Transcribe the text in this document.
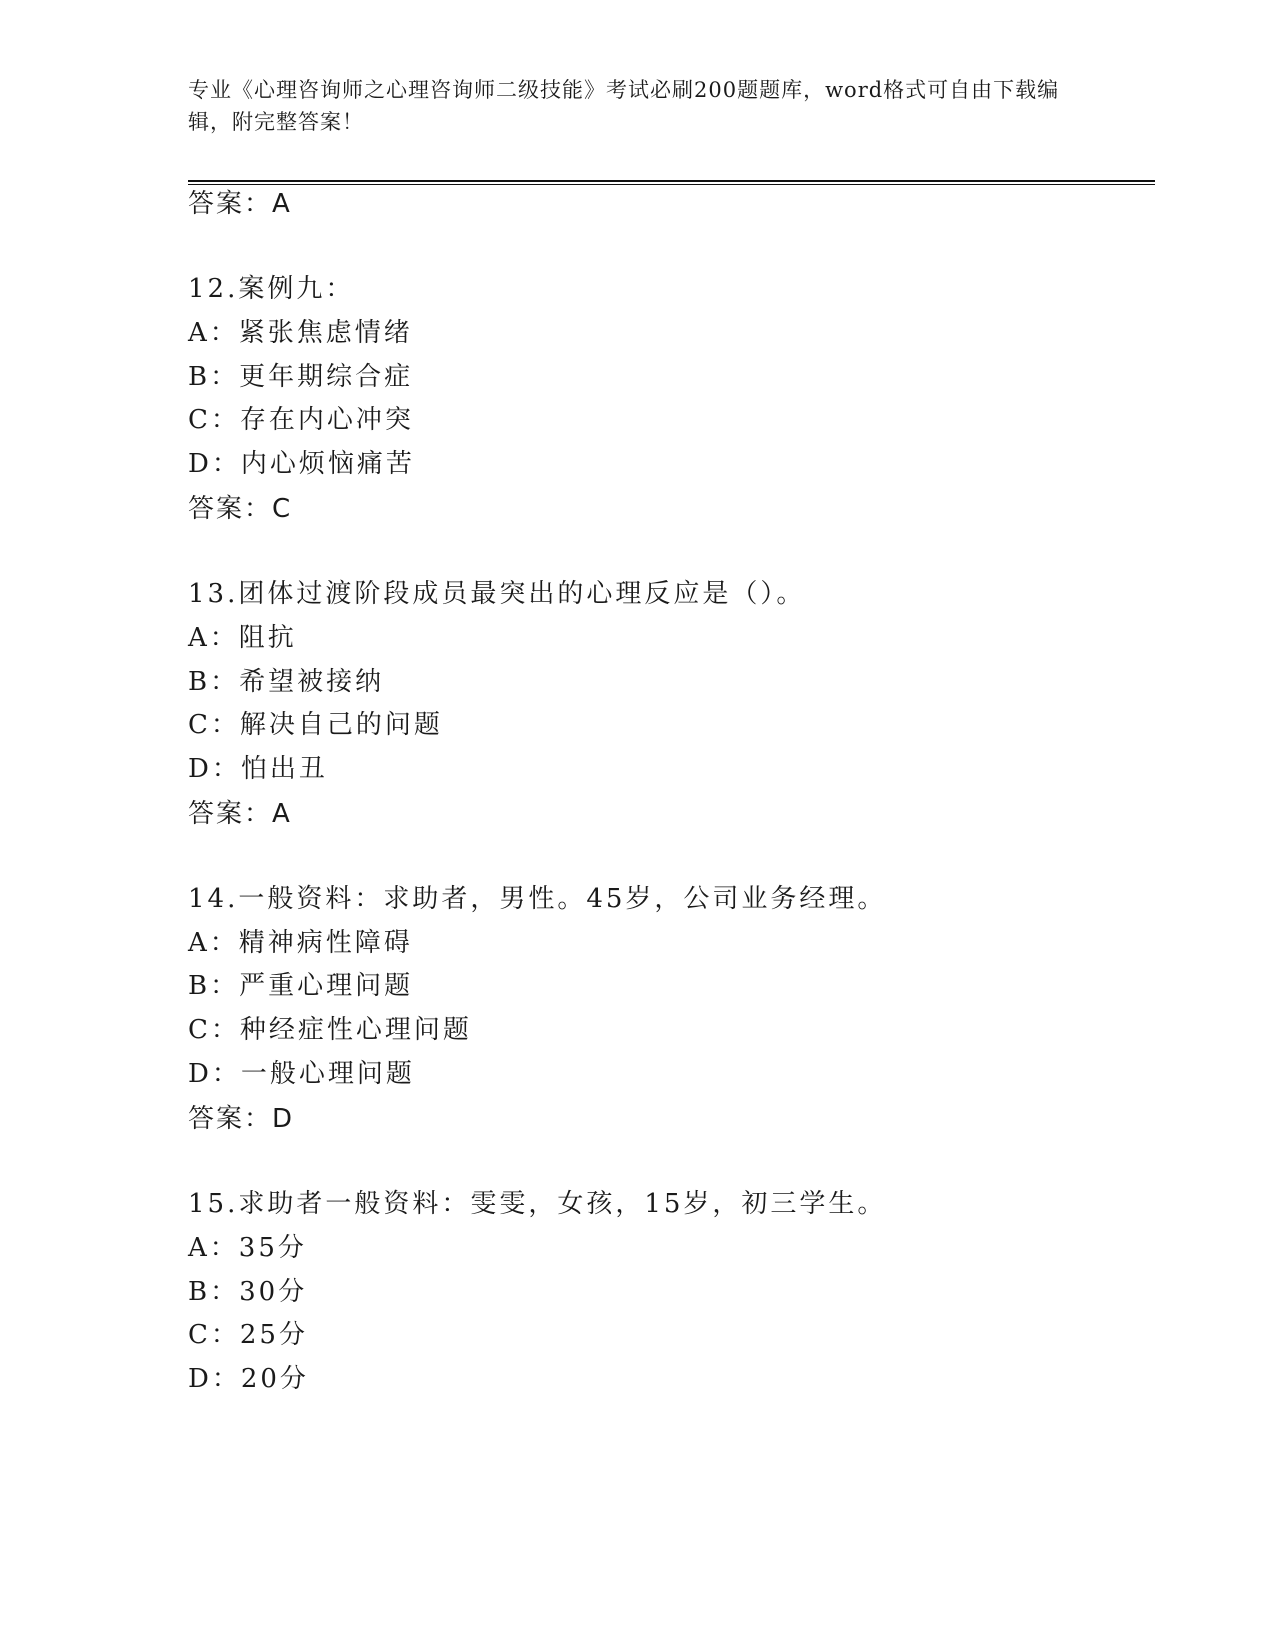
专业《心理咨询师之心理咨询师二级技能》考试必刷200题题库，word格式可自由下载编辑，附完整答案！
答案：A
12.案例九：
A：紧张焦虑情绪
B：更年期综合症
C：存在内心冲突
D：内心烦恼痛苦
答案：C
13.团体过渡阶段成员最突出的心理反应是（）。
A：阻抗
B：希望被接纳
C：解决自己的问题
D：怕出丑
答案：A
14.一般资料：求助者，男性。45岁，公司业务经理。
A：精神病性障碍
B：严重心理问题
C：种经症性心理问题
D：一般心理问题
答案：D
15.求助者一般资料：雯雯，女孩，15岁，初三学生。
A：35分
B：30分
C：25分
D：20分
